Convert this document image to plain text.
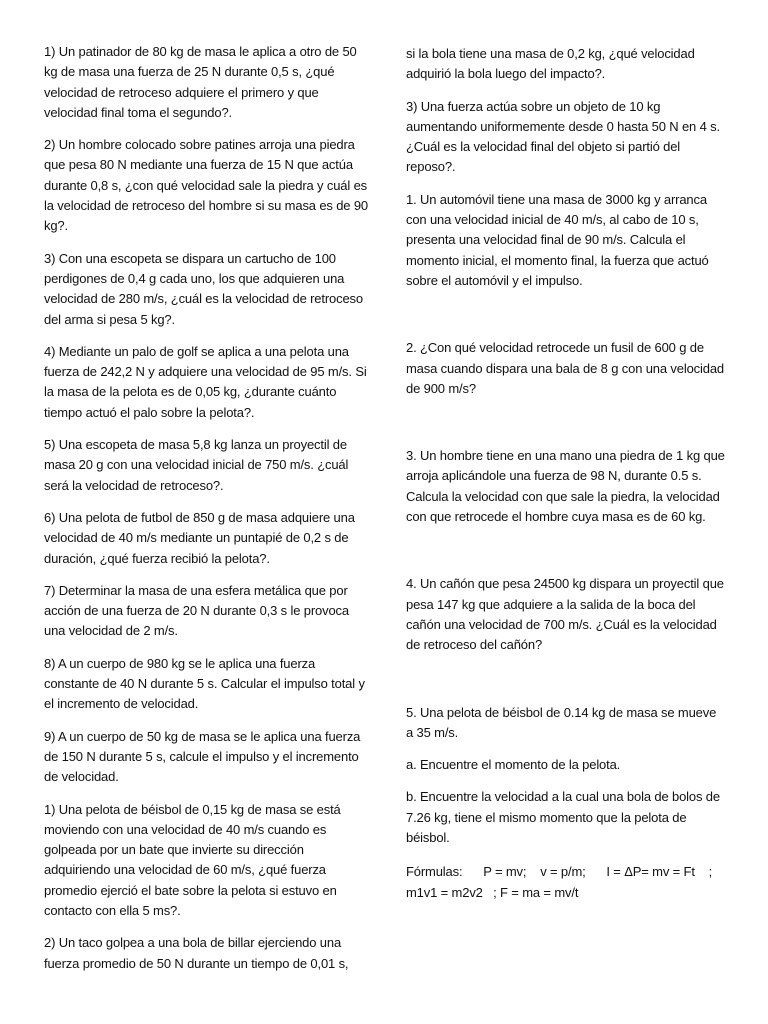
1) Un patinador de 80 kg de masa le aplica a otro de 50 kg de masa una fuerza de 25 N durante 0,5 s, ¿qué velocidad de retroceso adquiere el primero y que velocidad final toma el segundo?.

2) Un hombre colocado sobre patines arroja una piedra que pesa 80 N mediante una fuerza de 15 N que actúa durante 0,8 s, ¿con qué velocidad sale la piedra y cuál es la velocidad de retroceso del hombre si su masa es de 90 kg?.

3) Con una escopeta se dispara un cartucho de 100 perdigones de 0,4 g cada uno, los que adquieren una velocidad de 280 m/s, ¿cuál es la velocidad de retroceso del arma si pesa 5 kg?.

4) Mediante un palo de golf se aplica a una pelota una fuerza de 242,2 N y adquiere una velocidad de 95 m/s. Si la masa de la pelota es de 0,05 kg, ¿durante cuánto tiempo actuó el palo sobre la pelota?.

5) Una escopeta de masa 5,8 kg lanza un proyectil de masa 20 g con una velocidad inicial de 750 m/s. ¿cuál será la velocidad de retroceso?.

6) Una pelota de futbol de 850 g de masa adquiere una velocidad de 40 m/s mediante un puntapié de 0,2 s de duración, ¿qué fuerza recibió la pelota?.

7) Determinar la masa de una esfera metálica que por acción de una fuerza de 20 N durante 0,3 s le provoca una velocidad de 2 m/s.

8) A un cuerpo de 980 kg se le aplica una fuerza constante de 40 N durante 5 s. Calcular el impulso total y el incremento de velocidad.

9) A un cuerpo de 50 kg de masa se le aplica una fuerza de 150 N durante 5 s, calcule el impulso y el incremento de velocidad.

1) Una pelota de béisbol de 0,15 kg de masa se está moviendo con una velocidad de 40 m/s cuando es golpeada por un bate que invierte su dirección adquiriendo una velocidad de 60 m/s, ¿qué fuerza promedio ejerció el bate sobre la pelota si estuvo en contacto con ella 5 ms?.

2) Un taco golpea a una bola de billar ejerciendo una fuerza promedio de 50 N durante un tiempo de 0,01 s,

si la bola tiene una masa de 0,2 kg, ¿qué velocidad adquirió la bola luego del impacto?.

3) Una fuerza actúa sobre un objeto de 10 kg aumentando uniformemente desde 0 hasta 50 N en 4 s. ¿Cuál es la velocidad final del objeto si partió del reposo?.

1. Un automóvil tiene una masa de 3000 kg y arranca con una velocidad inicial de 40 m/s, al cabo de 10 s, presenta una velocidad final de 90 m/s. Calcula el momento inicial, el momento final, la fuerza que actuó sobre el automóvil y el impulso.

2. ¿Con qué velocidad retrocede un fusil de 600 g de masa cuando dispara una bala de 8 g con una velocidad de 900 m/s?

3. Un hombre tiene en una mano una piedra de 1 kg que arroja aplicándole una fuerza de 98 N, durante 0.5 s. Calcula la velocidad con que sale la piedra, la velocidad con que retrocede el hombre cuya masa es de 60 kg.

4. Un cañón que pesa 24500 kg dispara un proyectil que pesa 147 kg que adquiere a la salida de la boca del cañón una velocidad de 700 m/s. ¿Cuál es la velocidad de retroceso del cañón?

5. Una pelota de béisbol de 0.14 kg de masa se mueve a 35 m/s.

a. Encuentre el momento de la pelota.

b. Encuentre la velocidad a la cual una bola de bolos de 7.26 kg, tiene el mismo momento que la pelota de béisbol.

Fórmulas:      P = mv;    v = p/m;      I = ΔP= mv = Ft    ;

m1v1 = m2v2   ; F = ma = mv/t
